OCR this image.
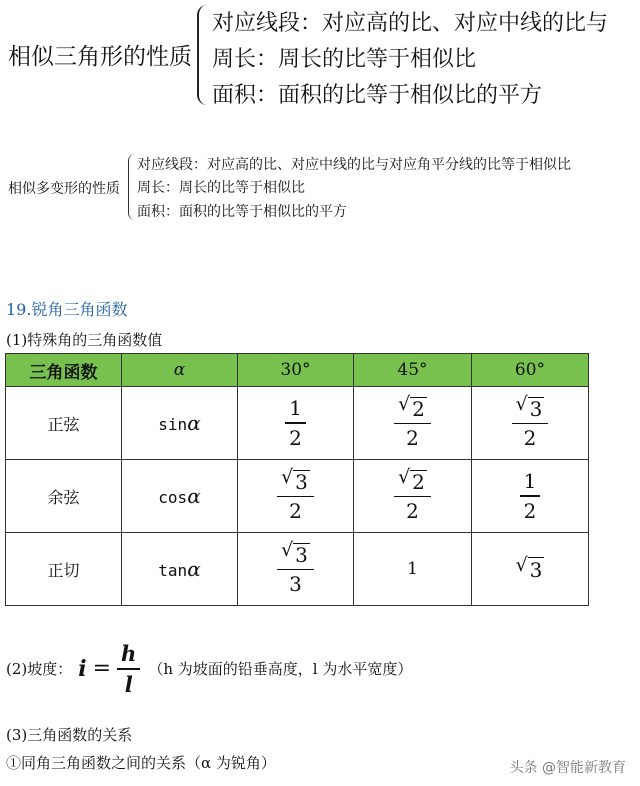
相似三角形的性质
对应线段：对应高的比、对应中线的比与
周长：周长的比等于相似比
面积：面积的比等于相似比的平方
相似多变形的性质
对应线段：对应高的比、对应中线的比与对应角平分线的比等于相似比
周长：周长的比等于相似比
面积：面积的比等于相似比的平方
19.锐角三角函数
(1)特殊角的三角函数值
三角函数	α	30°	45°	60°
正弦	sinα	$\frac{1}{2}$	$\frac{√ 2}{2}$	$\frac{√ 3}{2}$

余弦	cosα	$\frac{√ 3}{2}$	$\frac{√ 2}{2}$	$\frac{1}{2}$

正切	tanα	$\frac{√ 3}{3}$	1	√ 3
(2)坡度： $i = \frac{h}{l} (h$ 为坡面的铅垂高度，l 为水平宽度）
(3)三角函数的关系
①同角三角函数之间的关系（α 为锐角）	头条 @智能新教育
